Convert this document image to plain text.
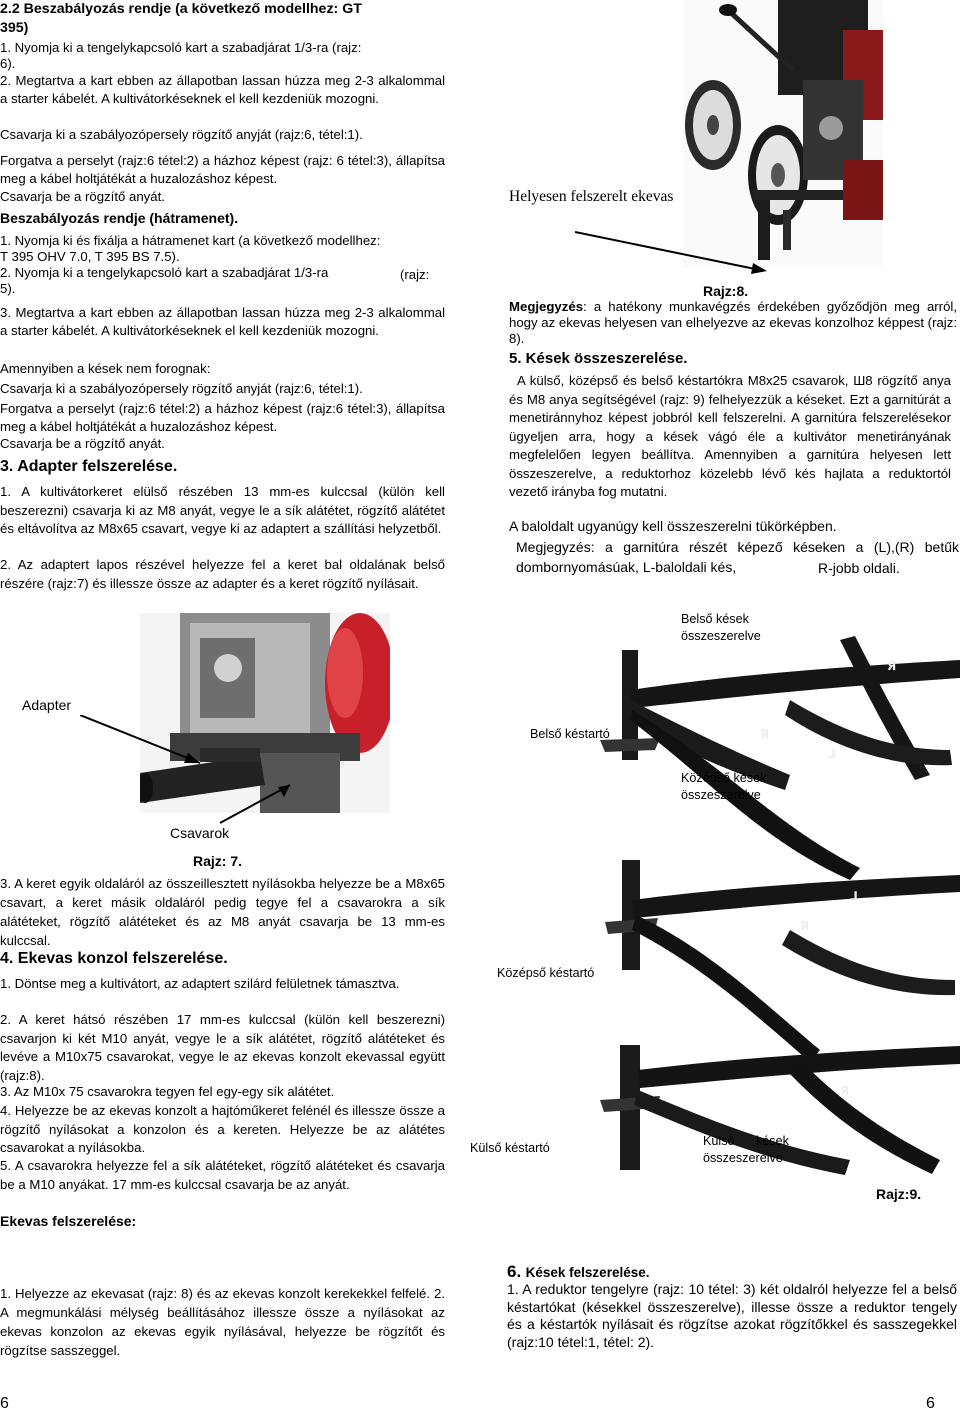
2.2 Beszabályozás rendje (a következő modellhez: GT
395)
1. Nyomja ki a tengelykapcsoló kart a szabadjárat 1/3-ra (rajz:
6).
2. Megtartva a kart ebben az állapotban lassan húzza meg 2-3 alkalommal a starter kábelét. A kultivátorkéseknek el kell kezdeniük mozogni.
Csavarja ki a szabályozópersely rögzítő anyját (rajz:6, tétel:1).
Forgatva a perselyt (rajz:6 tétel:2) a házhoz képest (rajz: 6 tétel:3), állapítsa meg a kábel holtjátékát a huzalozáshoz képest.
Csavarja be a rögzítő anyát.
Beszabályozás rendje (hátramenet).
1. Nyomja ki és fixálja a hátramenet kart (a következő modellhez:
T 395 OHV 7.0, T 395 BS 7.5).
2. Nyomja ki a tengelykapcsoló kart a szabadjárat 1/3-ra	(rajz:
5).
3. Megtartva a kart ebben az állapotban lassan húzza meg 2-3 alkalommal a starter kábelét. A kultivátorkéseknek el kell kezdeniük mozogni.
Amennyiben a kések nem forognak:
Csavarja ki a szabályozópersely rögzítő anyját (rajz:6, tétel:1).
Forgatva a perselyt (rajz:6 tétel:2) a házhoz képest (rajz:6 tétel:3), állapítsa meg a kábel holtjátékát a huzalozáshoz képest.
Csavarja be a rögzítő anyát.
3. Adapter felszerelése.
1. A kultivátorkeret elülső részében 13 mm-es kulccsal (külön kell beszerezni) csavarja ki az M8 anyát, vegye le a sík alátétet, rögzítő alátétet és eltávolítva az M8x65 csavart, vegye ki az adaptert a szállítási helyzetből.
2. Az adaptert lapos részével helyezze fel a keret bal oldalának belső részére (rajz:7) és illessze össze az adapter és a keret rögzítő nyílásait.
Adapter
Csavarok
Rajz: 7.
3. A keret egyik oldaláról az összeillesztett nyílásokba helyezze be a M8x65 csavart, a keret másik oldaláról pedig tegye fel a csavarokra a sík alátéteket, rögzítő alátéteket és az M8 anyát csavarja be 13 mm-es kulccsal.
4. Ekevas konzol felszerelése.
1. Döntse meg a kultivátort, az adaptert szilárd felületnek támasztva.
2. A keret hátsó részében 17 mm-es kulccsal (külön kell beszerezni) csavarjon ki két M10 anyát, vegye le a sík alátétet, rögzítő alátéteket és levéve a M10x75 csavarokat, vegye le az ekevas konzolt ekevassal együtt (rajz:8).
3. Az M10x 75 csavarokra tegyen fel egy-egy sík alátétet.
4. Helyezze be az ekevas konzolt a hajtóműkeret felénél és illessze össze a rögzítő nyílásokat a konzolon és a kereten. Helyezze be az alátétes csavarokat a nyílásokba.
5. A csavarokra helyezze fel a sík alátéteket, rögzítő alátéteket és csavarja be a M10 anyákat. 17 mm-es kulccsal csavarja be az anyát.
Ekevas felszerelése:
1. Helyezze az ekevasat (rajz: 8) és az ekevas konzolt kerekekkel felfelé. 2. A megmunkálási mélység beállításához illessze össze a nyílásokat az ekevas konzolon az ekevas egyik nyílásával, helyezze be rögzítőt és rögzítse sasszeggel.
6
Helyesen felszerelt ekevas
Rajz:8.
Megjegyzés: a hatékony munkavégzés érdekében győződjön meg arról, hogy az ekevas helyesen van elhelyezve az ekevas konzolhoz képpest (rajz: 8).
5. Kések összeszerelése.
A külső, középső és belső késtartókra M8x25 csavarok, Ш8 rögzítő anya és M8 anya segítségével (rajz: 9) felhelyezzük a késeket. Ezt a garnitúrát a menetiránnyhoz képest jobbról kell felszerelni. A garnitúra felszerelésekor ügyeljen arra, hogy a kések vágó éle a kultivátor menetirányának megfelelően legyen beállítva. Amennyiben a garnitúra helyesen lett összeszerelve, a reduktorhoz közelebb lévő kés hajlata a reduktortól vezető irányba fog mutatni.
A baloldalt ugyanúgy kell összeszerelni tükörképben.
Megjegyzés: a garnitúra részét képező késeken a (L),(R) betűk dombornyomásúak, L-baloldali kés,	R-jobb oldali.
Я
Я
⅃
Я
⅃
Я
Belső kések összeszerelve
Belső késtartó
Középső kések összeszerelve
Középső késtartó
Külső késtartó	Külső kések összeszerelve
Rajz:9.
6. Kések felszerelése.
1. A reduktor tengelyre (rajz: 10 tétel: 3) két oldalról helyezze fel a belső késtartókat (késekkel összeszerelve), illesse össze a reduktor tengely és a késtartók nyílásait és rögzítse azokat rögzítőkkel és sasszegekkel (rajz:10 tétel:1, tétel: 2).
6
